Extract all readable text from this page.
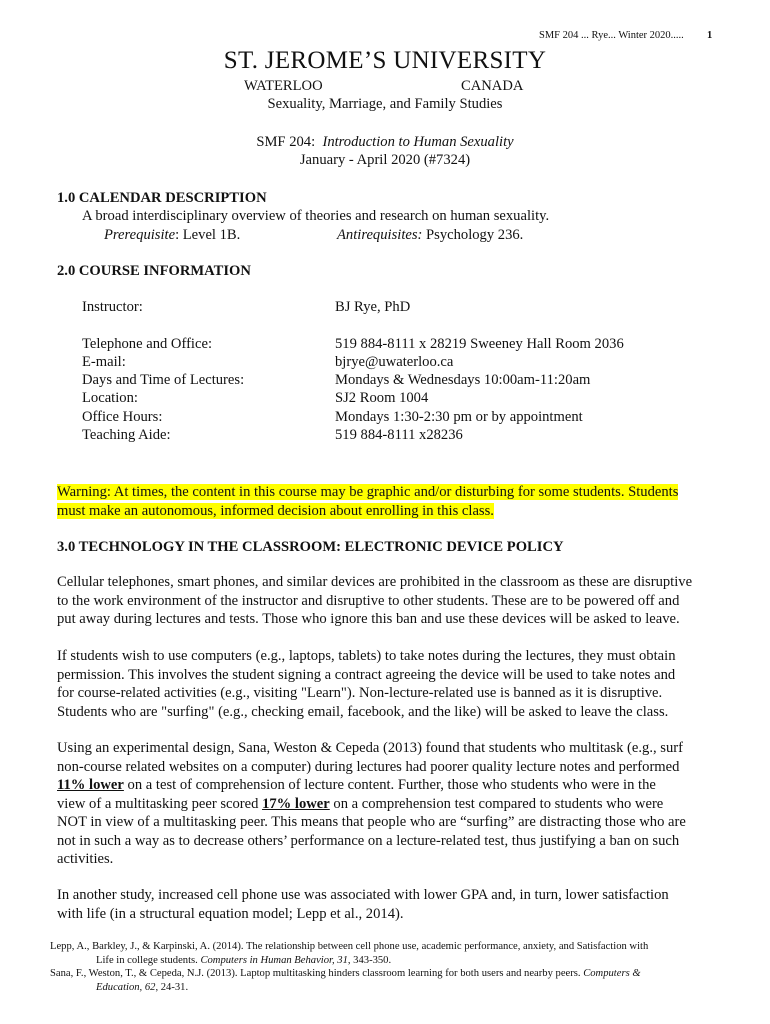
SMF 204 ... Rye... Winter 2020..... 1
ST. JEROME’S UNIVERSITY
WATERLOO	CANADA
Sexuality, Marriage, and Family Studies
SMF 204: Introduction to Human Sexuality
January - April 2020 (#7324)
1.0 CALENDAR DESCRIPTION
A broad interdisciplinary overview of theories and research on human sexuality.
Prerequisite: Level 1B.	Antirequisites: Psychology 236.
2.0 COURSE INFORMATION
Instructor:	BJ Rye, PhD
Telephone and Office:	519 884-8111 x 28219 Sweeney Hall Room 2036
E-mail:	bjrye@uwaterloo.ca
Days and Time of Lectures:	Mondays & Wednesdays 10:00am-11:20am
Location:	SJ2 Room 1004
Office Hours:	Mondays 1:30-2:30 pm or by appointment
Teaching Aide:	519 884-8111 x28236
Warning: At times, the content in this course may be graphic and/or disturbing for some students. Students
must make an autonomous, informed decision about enrolling in this class.
3.0 TECHNOLOGY IN THE CLASSROOM: ELECTRONIC DEVICE POLICY
Cellular telephones, smart phones, and similar devices are prohibited in the classroom as these are disruptive
to the work environment of the instructor and disruptive to other students. These are to be powered off and
put away during lectures and tests. Those who ignore this ban and use these devices will be asked to leave.
If students wish to use computers (e.g., laptops, tablets) to take notes during the lectures, they must obtain
permission. This involves the student signing a contract agreeing the device will be used to take notes and
for course-related activities (e.g., visiting "Learn"). Non-lecture-related use is banned as it is disruptive.
Students who are "surfing" (e.g., checking email, facebook, and the like) will be asked to leave the class.
Using an experimental design, Sana, Weston & Cepeda (2013) found that students who multitask (e.g., surf
non-course related websites on a computer) during lectures had poorer quality lecture notes and performed
11% lower on a test of comprehension of lecture content. Further, those who students who were in the
view of a multitasking peer scored 17% lower on a comprehension test compared to students who were
NOT in view of a multitasking peer. This means that people who are “surfing” are distracting those who are
not in such a way as to decrease others’ performance on a lecture-related test, thus justifying a ban on such
activities.
In another study, increased cell phone use was associated with lower GPA and, in turn, lower satisfaction
with life (in a structural equation model; Lepp et al., 2014).
Lepp, A., Barkley, J., & Karpinski, A. (2014). The relationship between cell phone use, academic performance, anxiety, and Satisfaction with
Life in college students. Computers in Human Behavior, 31, 343-350.
Sana, F., Weston, T., & Cepeda, N.J. (2013). Laptop multitasking hinders classroom learning for both users and nearby peers. Computers &
Education, 62, 24-31.
